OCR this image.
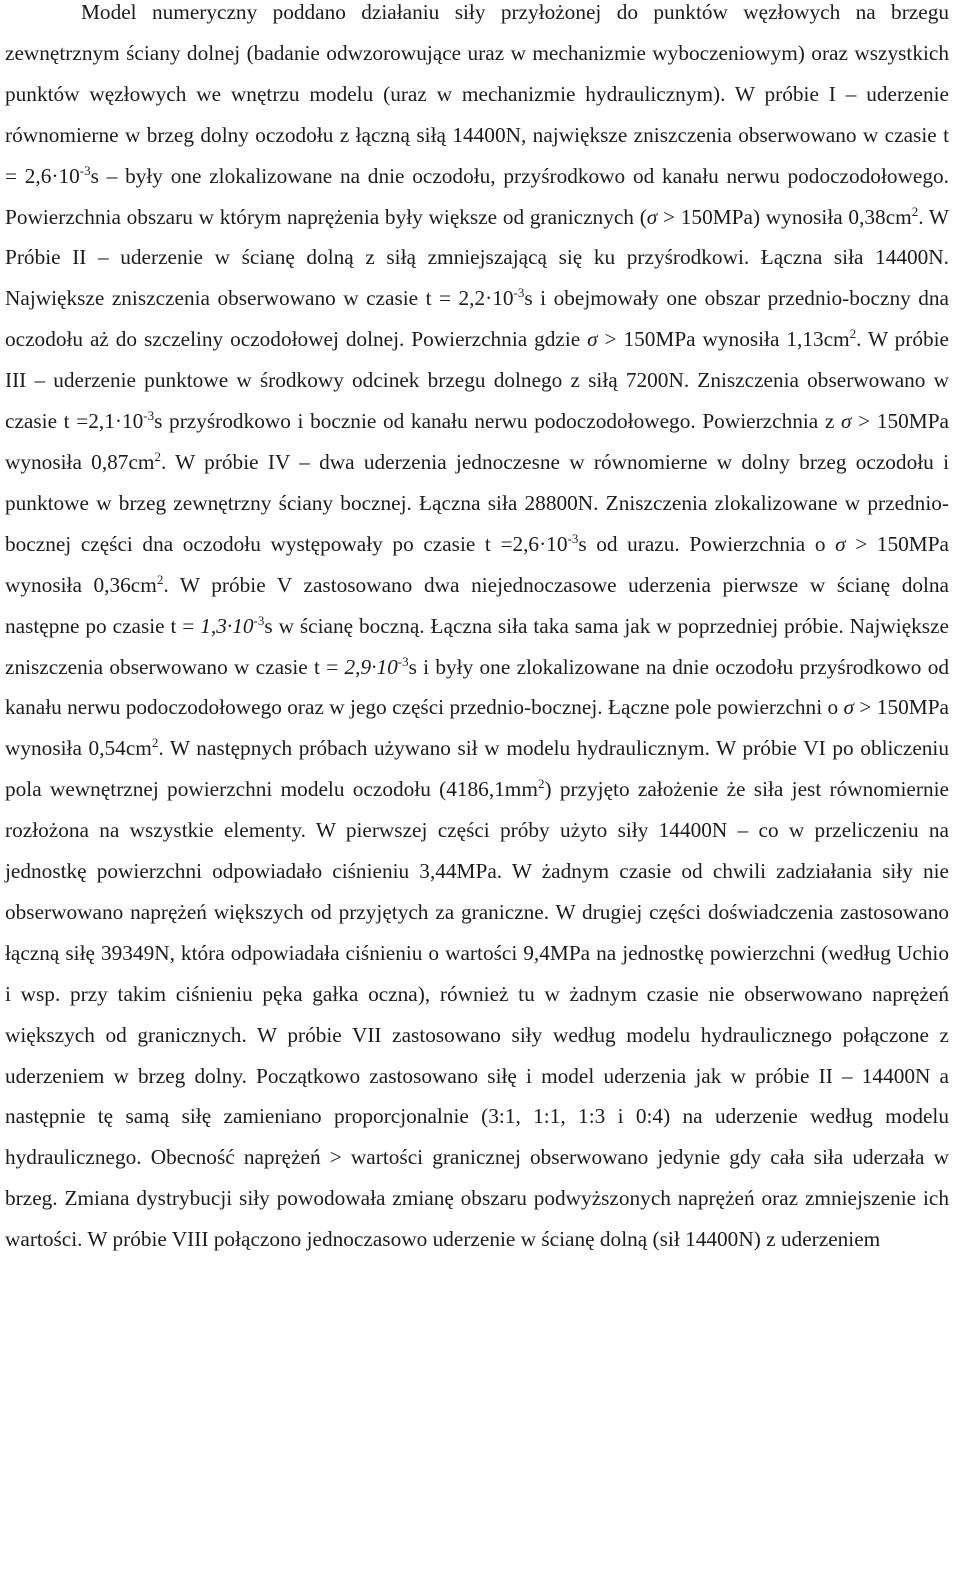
Model numeryczny poddano działaniu siły przyłożonej do punktów węzłowych na brzegu zewnętrznym ściany dolnej (badanie odwzorowujące uraz w mechanizmie wyboczeniowym) oraz wszystkich punktów węzłowych we wnętrzu modelu (uraz w mechanizmie hydraulicznym). W próbie I – uderzenie równomierne w brzeg dolny oczodołu z łączną siłą 14400N, największe zniszczenia obserwowano w czasie $t = 2,6\cdot 10^{-3}s$ – były one zlokalizowane na dnie oczodołu, przyśrodkowo od kanału nerwu podoczodołowego. Powierzchnia obszaru w którym naprężenia były większe od granicznych (σ > 150MPa) wynosiła $0,38cm^2$. W Próbie II – uderzenie w ścianę dolną z siłą zmniejszającą się ku przyśrodkowi. Łączna siła 14400N. Największe zniszczenia obserwowano w czasie $t = 2,2\cdot 10^{-3}s$ i obejmowały one obszar przednio-boczny dna oczodołu aż do szczeliny oczodołowej dolnej. Powierzchnia gdzie σ > 150MPa wynosiła $1,13cm^2$. W próbie III – uderzenie punktowe w środkowy odcinek brzegu dolnego z siłą 7200N. Zniszczenia obserwowano w czasie $t =2,1\cdot 10^{-3}s$ przyśrodkowo i bocznie od kanału nerwu podoczodołowego. Powierzchnia z σ > 150MPa wynosiła $0,87cm^2$. W próbie IV – dwa uderzenia jednoczesne w równomierne w dolny brzeg oczodołu i punktowe w brzeg zewnętrzny ściany bocznej. Łączna siła 28800N. Zniszczenia zlokalizowane w przednio-bocznej części dna oczodołu występowały po czasie $t =2,6\cdot 10^{-3}s$ od urazu. Powierzchnia o σ > 150MPa wynosiła $0,36cm^2$. W próbie V zastosowano dwa niejednoczasowe uderzenia pierwsze w ścianę dolna następne po czasie $t = 1,3\cdot 10^{-3}s$ w ścianę boczną. Łączna siła taka sama jak w poprzedniej próbie. Największe zniszczenia obserwowano w czasie $t = 2,9\cdot 10^{-3}s$ i były one zlokalizowane na dnie oczodołu przyśrodkowo od kanału nerwu podoczodołowego oraz w jego części przednio-bocznej. Łączne pole powierzchni o σ > 150MPa wynosiła $0,54cm^2$. W następnych próbach używano sił w modelu hydraulicznym. W próbie VI po obliczeniu pola wewnętrznej powierzchni modelu oczodołu $(4186,1mm^2)$ przyjęto założenie że siła jest równomiernie rozłożona na wszystkie elementy. W pierwszej części próby użyto siły 14400N – co w przeliczeniu na jednostkę powierzchni odpowiadało ciśnieniu 3,44MPa. W żadnym czasie od chwili zadziałania siły nie obserwowano naprężeń większych od przyjętych za graniczne. W drugiej części doświadczenia zastosowano łączną siłę 39349N, która odpowiadała ciśnieniu o wartości 9,4MPa na jednostkę powierzchni (według Uchio i wsp. przy takim ciśnieniu pęka gałka oczna), również tu w żadnym czasie nie obserwowano naprężeń większych od granicznych. W próbie VII zastosowano siły według modelu hydraulicznego połączone z uderzeniem w brzeg dolny. Początkowo zastosowano siłę i model uderzenia jak w próbie II – 14400N a następnie tę samą siłę zamieniano proporcjonalnie (3:1, 1:1, 1:3 i 0:4) na uderzenie według modelu hydraulicznego. Obecność naprężeń > wartości granicznej obserwowano jedynie gdy cała siła uderzała w brzeg. Zmiana dystrybucji siły powodowała zmianę obszaru podwyższonych naprężeń oraz zmniejszenie ich wartości. W próbie VIII połączono jednoczasowo uderzenie w ścianę dolną (sił 14400N) z uderzeniem
